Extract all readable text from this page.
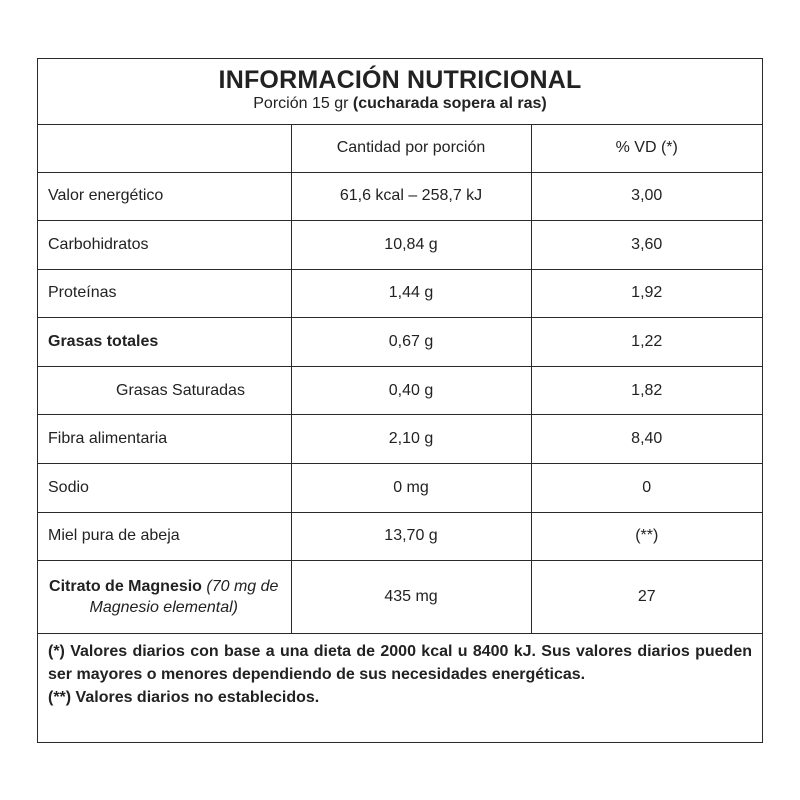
INFORMACIÓN NUTRICIONAL
Porción 15 gr (cucharada sopera al ras)
	Cantidad por porción	% VD (*)
Valor energético	61,6 kcal – 258,7 kJ	3,00
Carbohidratos	10,84 g	3,60
Proteínas	1,44 g	1,92
Grasas totales	0,67 g	1,22
Grasas Saturadas	0,40 g	1,82
Fibra alimentaria	2,10 g	8,40
Sodio	0 mg	0
Miel pura de abeja	13,70 g	(**)
Citrato de Magnesio (70 mg de Magnesio elemental)	435 mg	27
(*) Valores diarios con base a una dieta de 2000 kcal u 8400 kJ. Sus valores diarios pueden ser mayores o menores dependiendo de sus necesidades energéticas.
(**) Valores diarios no establecidos.
